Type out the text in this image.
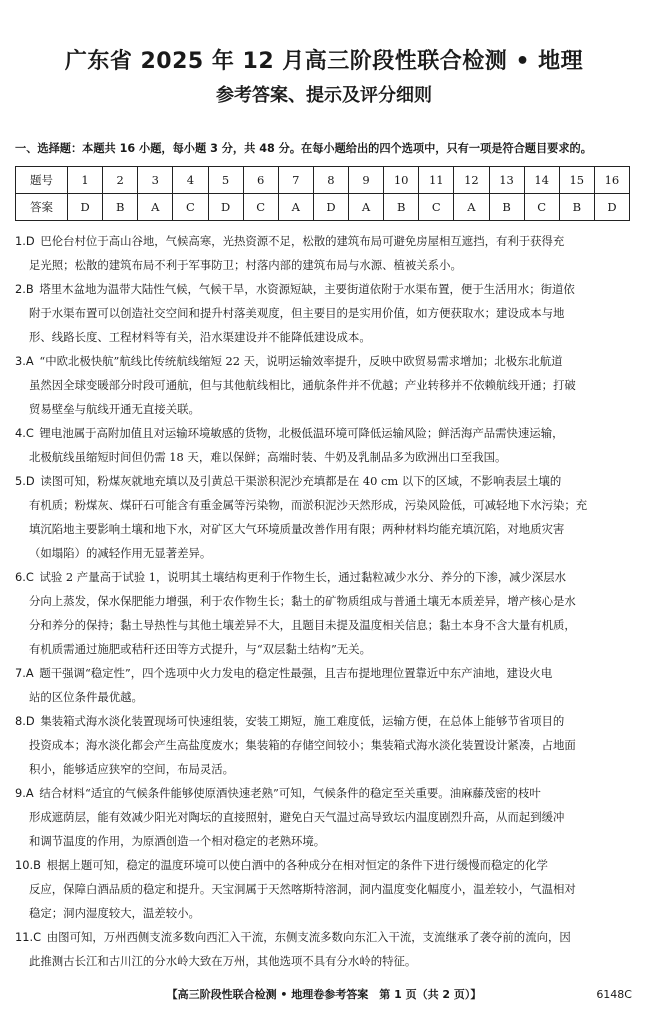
广东省 2025 年 12 月高三阶段性联合检测 • 地理
参考答案、提示及评分细则
一、选择题：本题共 16 小题，每小题 3 分，共 48 分。在每小题给出的四个选项中，只有一项是符合题目要求的。
题号	1	2	3	4	5	6	7	8	9	10	11	12	13	14	15	16
答案	D	B	A	C	D	C	A	D	A	B	C	A	B	C	B	D
1.D  巴伦台村位于高山谷地，气候高寒，光热资源不足，松散的建筑布局可避免房屋相互遮挡，有利于获得充
足光照；松散的建筑布局不利于军事防卫；村落内部的建筑布局与水源、植被关系小。
2.B  塔里木盆地为温带大陆性气候，气候干旱，水资源短缺，主要街道依附于水渠布置，便于生活用水；街道依
附于水渠布置可以创造社交空间和提升村落美观度，但主要目的是实用价值，如方便获取水；建设成本与地
形、线路长度、工程材料等有关，沿水渠建设并不能降低建设成本。
3.A  “中欧北极快航”航线比传统航线缩短 22 天，说明运输效率提升，反映中欧贸易需求增加；北极东北航道
虽然因全球变暖部分时段可通航，但与其他航线相比，通航条件并不优越；产业转移并不依赖航线开通；打破
贸易壁垒与航线开通无直接关联。
4.C  锂电池属于高附加值且对运输环境敏感的货物，北极低温环境可降低运输风险；鲜活海产品需快速运输，
北极航线虽缩短时间但仍需 18 天，难以保鲜；高端时装、牛奶及乳制品多为欧洲出口至我国。
5.D  读图可知，粉煤灰就地充填以及引黄总干渠淤积泥沙充填都是在 40 cm 以下的区域，不影响表层土壤的
有机质；粉煤灰、煤矸石可能含有重金属等污染物，而淤积泥沙天然形成，污染风险低，可减轻地下水污染；充
填沉陷地主要影响土壤和地下水，对矿区大气环境质量改善作用有限；两种材料均能充填沉陷，对地质灾害
（如塌陷）的减轻作用无显著差异。
6.C  试验 2 产量高于试验 1，说明其土壤结构更利于作物生长，通过黏粒减少水分、养分的下渗，减少深层水
分向上蒸发，保水保肥能力增强，利于农作物生长；黏土的矿物质组成与普通土壤无本质差异，增产核心是水
分和养分的保持；黏土导热性与其他土壤差异不大，且题目未提及温度相关信息；黏土本身不含大量有机质，
有机质需通过施肥或秸秆还田等方式提升，与“双层黏土结构”无关。
7.A  题干强调“稳定性”，四个选项中火力发电的稳定性最强，且吉布提地理位置靠近中东产油地，建设火电
站的区位条件最优越。
8.D  集装箱式海水淡化装置现场可快速组装，安装工期短，施工难度低，运输方便，在总体上能够节省项目的
投资成本；海水淡化都会产生高盐度废水；集装箱的存储空间较小；集装箱式海水淡化装置设计紧凑，占地面
积小，能够适应狭窄的空间，布局灵活。
9.A  结合材料“适宜的气候条件能够使原酒快速老熟”可知，气候条件的稳定至关重要。油麻藤茂密的枝叶
形成遮荫层，能有效减少阳光对陶坛的直接照射，避免白天气温过高导致坛内温度剧烈升高，从而起到缓冲
和调节温度的作用，为原酒创造一个相对稳定的老熟环境。
10.B  根据上题可知，稳定的温度环境可以使白酒中的各种成分在相对恒定的条件下进行缓慢而稳定的化学
反应，保障白酒品质的稳定和提升。天宝洞属于天然喀斯特溶洞，洞内温度变化幅度小，温差较小，气温相对
稳定；洞内湿度较大，温差较小。
11.C  由图可知，万州西侧支流多数向西汇入干流，东侧支流多数向东汇入干流，支流继承了袭夺前的流向，因
此推测古长江和古川江的分水岭大致在万州，其他选项不具有分水岭的特征。
【高三阶段性联合检测 • 地理卷参考答案　第 1 页（共 2 页）】	6148C
